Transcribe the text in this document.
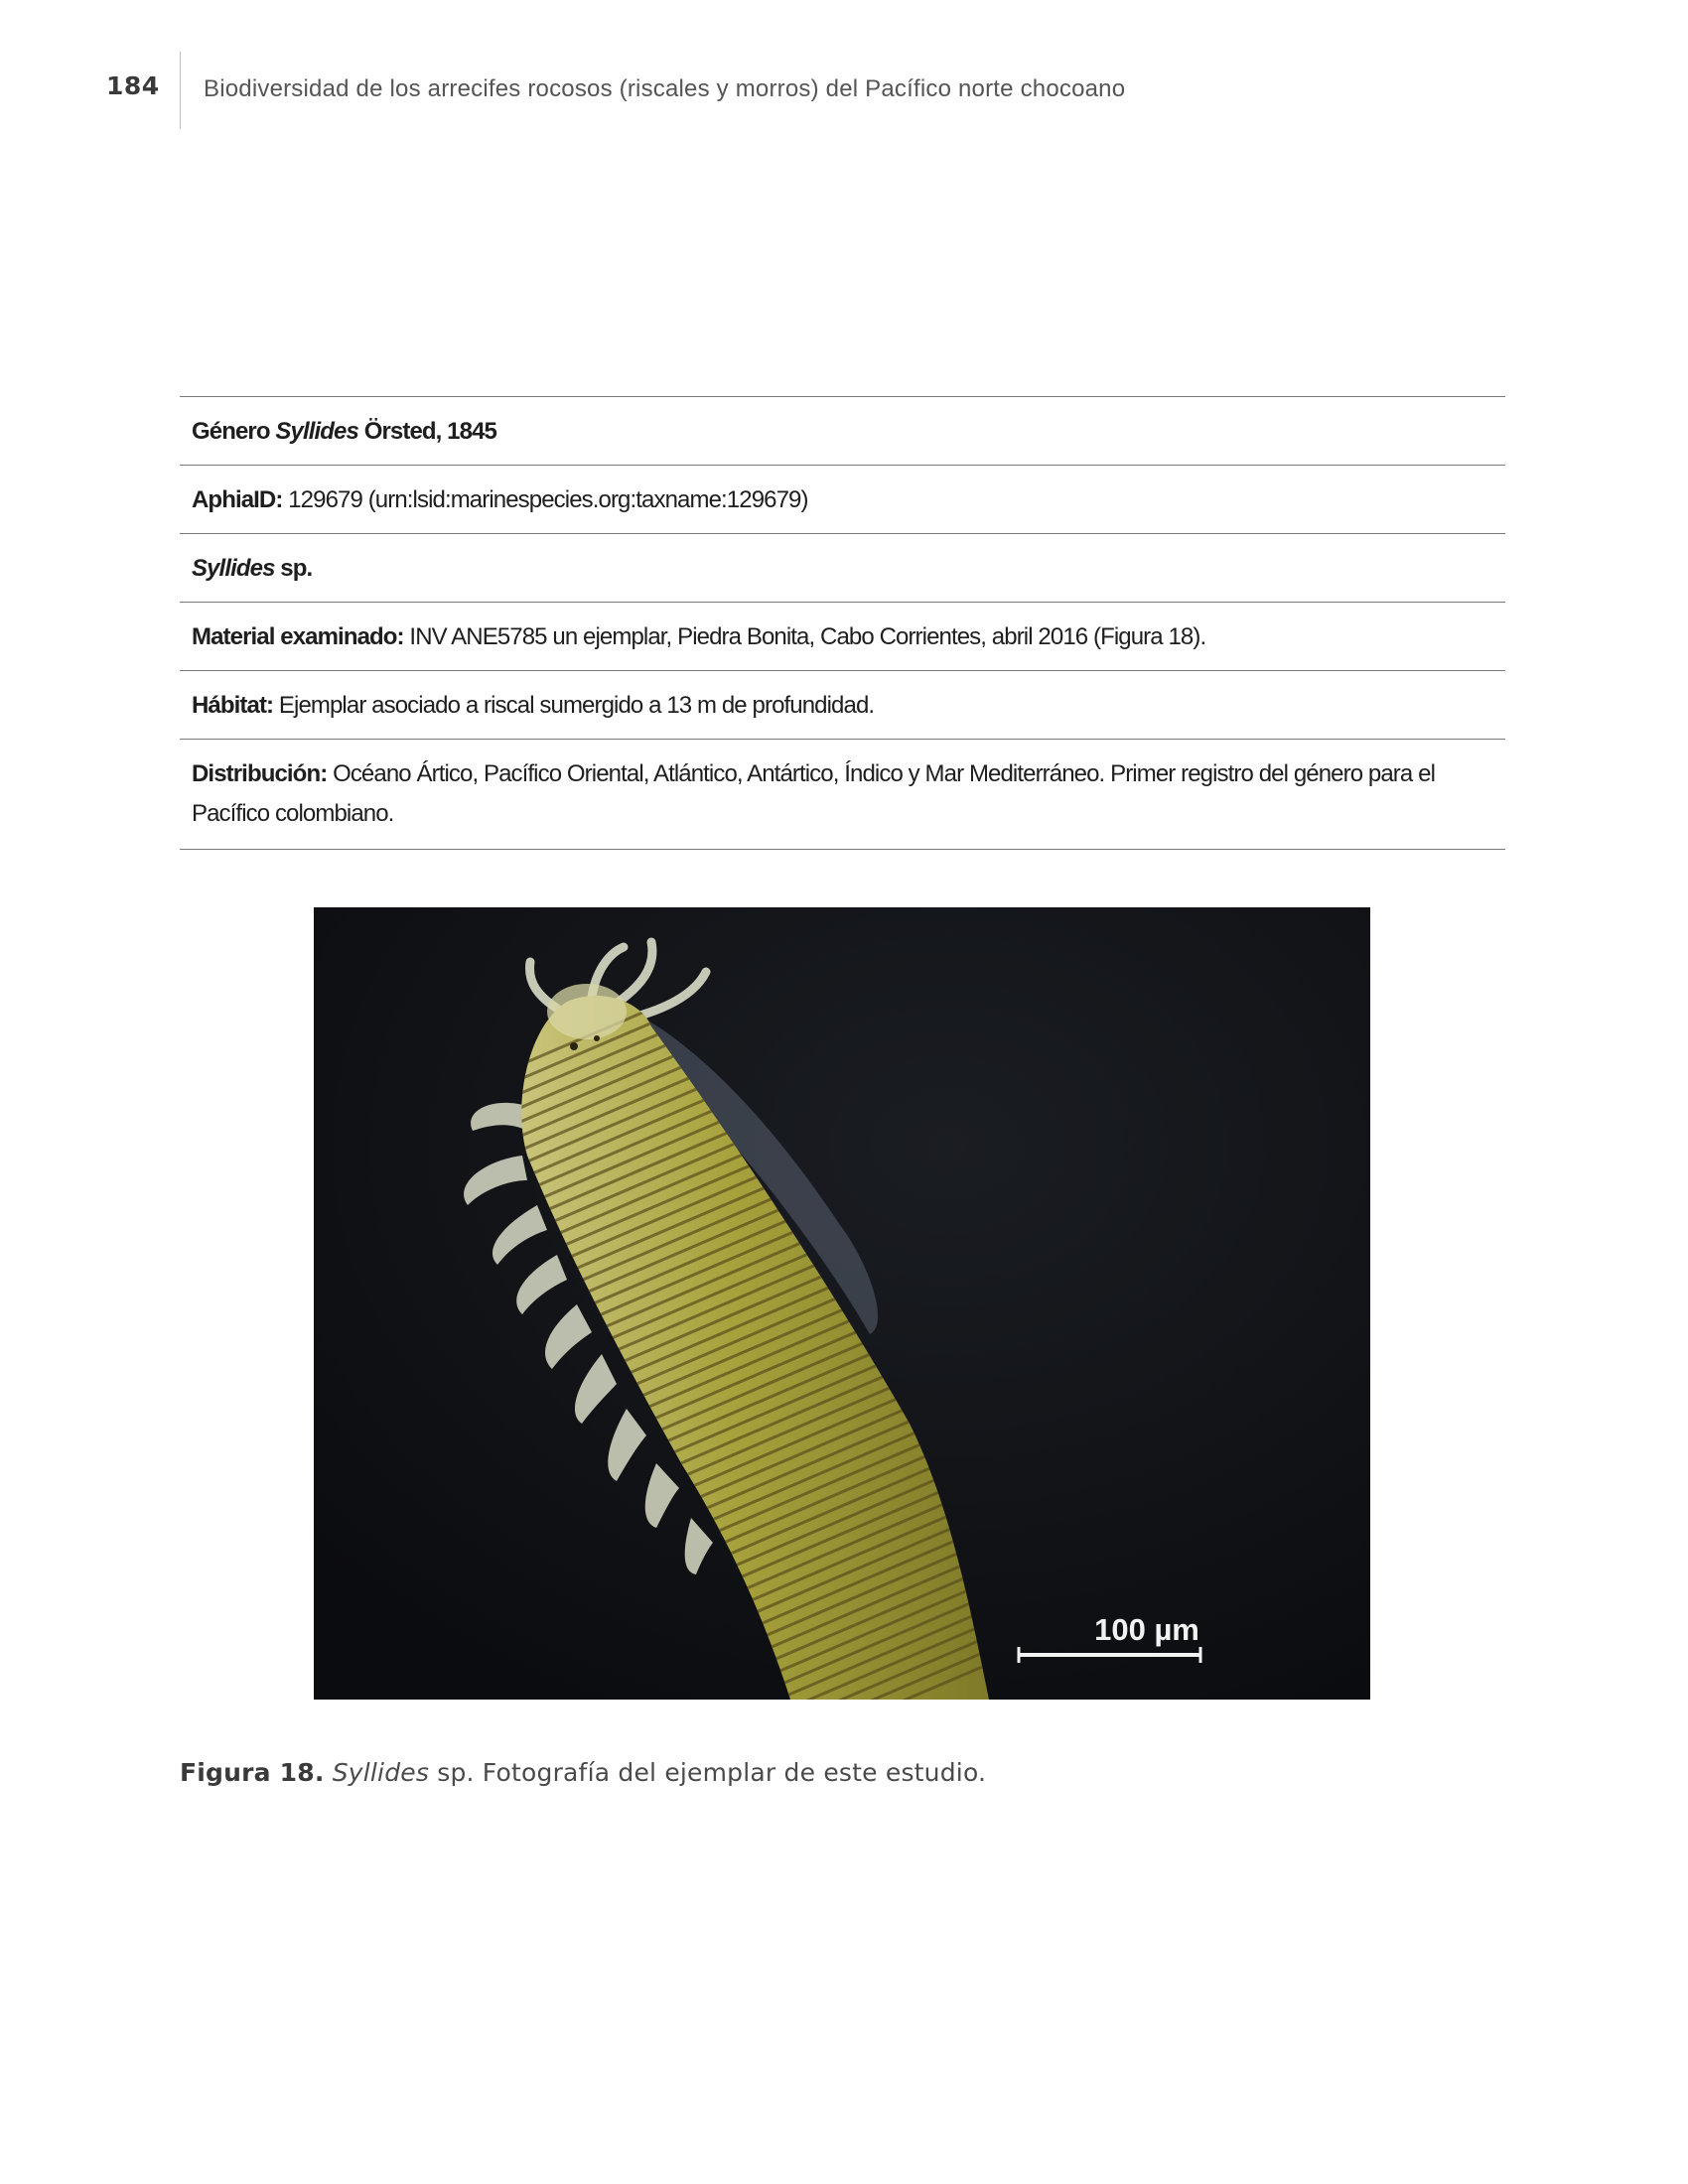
184 Biodiversidad de los arrecifes rocosos (riscales y morros) del Pacífico norte chocoano
Género Syllides Örsted, 1845
AphiaID: 129679 (urn:lsid:marinespecies.org:taxname:129679)
Syllides sp.
Material examinado: INV ANE5785 un ejemplar, Piedra Bonita, Cabo Corrientes, abril 2016 (Figura 18).
Hábitat: Ejemplar asociado a riscal sumergido a 13 m de profundidad.
Distribución: Océano Ártico, Pacífico Oriental, Atlántico, Antártico, Índico y Mar Mediterráneo. Primer registro del género para el Pacífico colombiano.
100 µm
Figura 18. Syllides sp. Fotografía del ejemplar de este estudio.
